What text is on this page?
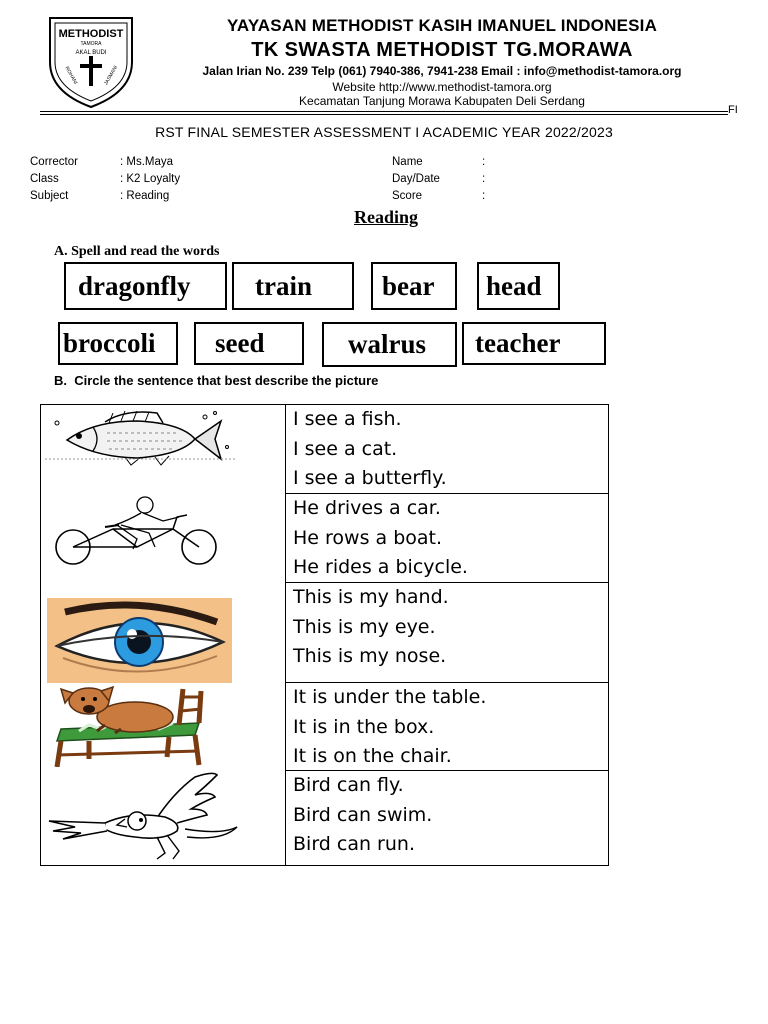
METHODIST
TAMORA
AKAL BUDI
ROHANI	JASMANI
YAYASAN METHODIST KASIH IMANUEL INDONESIA
TK SWASTA METHODIST TG.MORAWA
Jalan Irian No. 239 Telp (061) 7940-386, 7941-238 Email : info@methodist-tamora.org
Website http://www.methodist-tamora.org
Kecamatan Tanjung Morawa Kabupaten Deli Serdang
FI
RST FINAL SEMESTER ASSESSMENT I ACADEMIC YEAR 2022/2023
Corrector	: Ms.Maya
Class	: K2 Loyalty
Subject	: Reading
Name	:
Day/Date	:
Score	:
Reading
A. Spell and read the words
dragonfly train	bear head
broccoli seed	walrus teacher
B. Circle the sentence that best describe the picture
I see a fish.
I see a cat.
I see a butterfly.
He drives a car.
He rows a boat.
He rides a bicycle.
This is my hand.
This is my eye.
This is my nose.
It is under the table.
It is in the box.
It is on the chair.
Bird can fly.
Bird can swim.
Bird can run.
